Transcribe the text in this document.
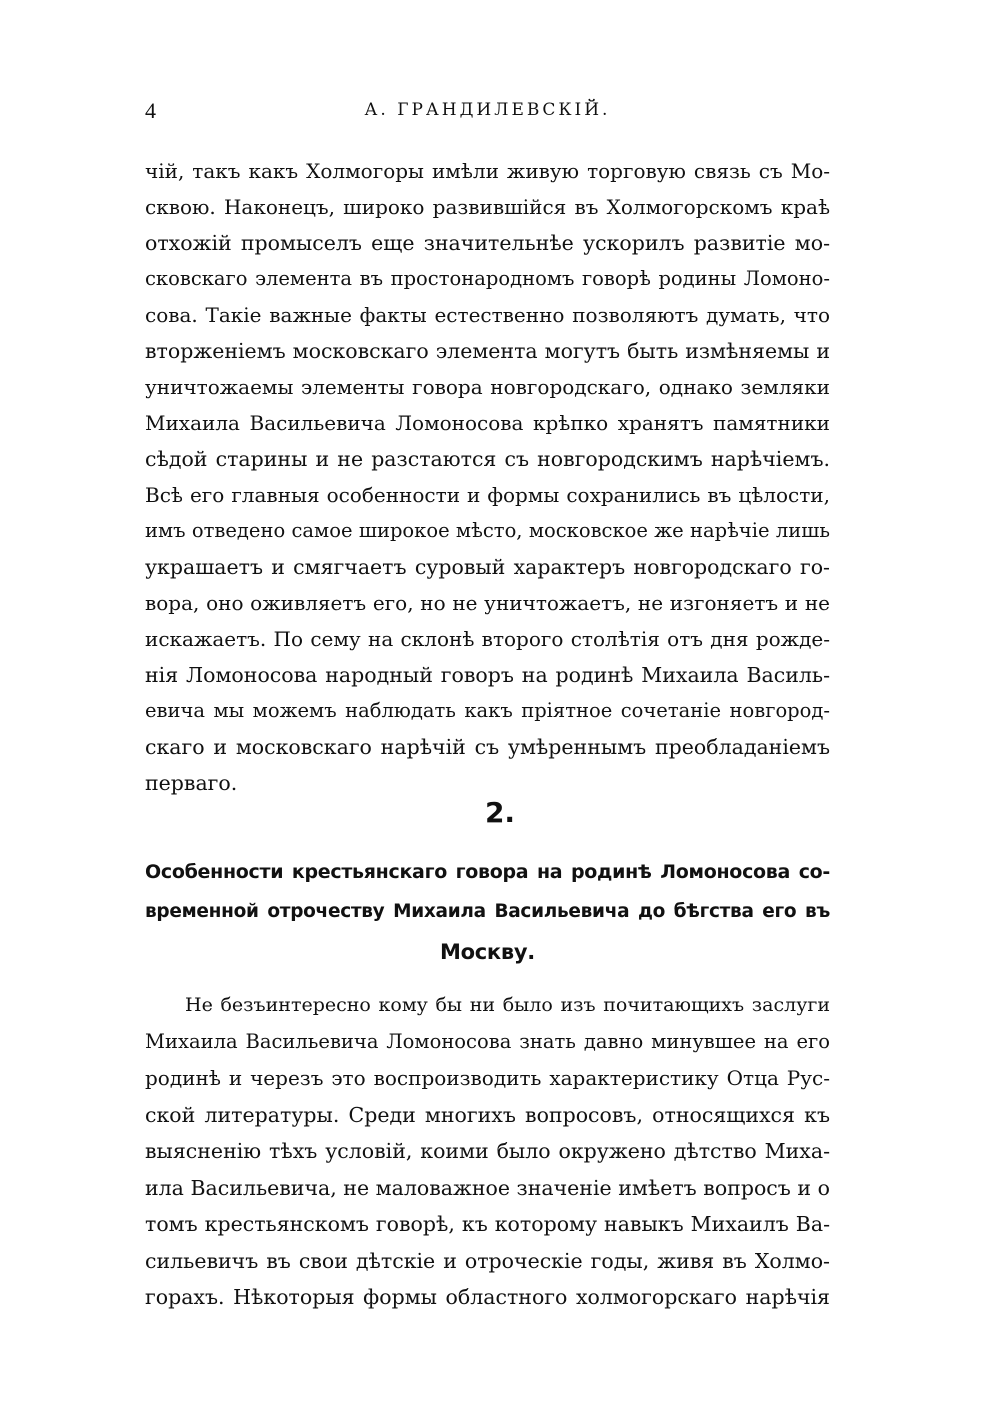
4	А. ГРАНДИЛЕВСКІЙ.
чій, такъ какъ Холмогоры имѣли живую торговую связь съ Мо-
сквою. Наконецъ, широко развившійся въ Холмогорскомъ краѣ
отхожій промыселъ еще значительнѣе ускорилъ развитіе мо-
сковскаго элемента въ простонародномъ говорѣ родины Ломоно-
сова. Такіе важные факты естественно позволяютъ думать, что
вторженіемъ московскаго элемента могутъ быть измѣняемы и
уничтожаемы элементы говора новгородскаго, однако земляки
Михаила Васильевича Ломоносова крѣпко хранятъ памятники
сѣдой старины и не разстаются съ новгородскимъ нарѣчіемъ.
Всѣ его главныя особенности и формы сохранились въ цѣлости,
имъ отведено самое широкое мѣсто, московское же нарѣчіе лишь
украшаетъ и смягчаетъ суровый характеръ новгородскаго го-
вора, оно оживляетъ его, но не уничтожаетъ, не изгоняетъ и не
искажаетъ. По сему на склонѣ второго столѣтія отъ дня рожде-
нія Ломоносова народный говоръ на родинѣ Михаила Василь-
евича мы можемъ наблюдать какъ пріятное сочетаніе новгород-
скаго и московскаго нарѣчій съ умѣреннымъ преобладаніемъ
перваго.
2.
Особенности крестьянскаго говора на родинѣ Ломоносова со-
временной отрочеству Михаила Васильевича до бѣгства его въ
Москву.
Не безъинтересно кому бы ни было изъ почитающихъ заслуги
Михаила Васильевича Ломоносова знать давно минувшее на его
родинѣ и черезъ это воспроизводить характеристику Отца Рус-
ской литературы. Среди многихъ вопросовъ, относящихся къ
выясненію тѣхъ условій, коими было окружено дѣтство Миха-
ила Васильевича, не маловажное значеніе имѣетъ вопросъ и о
томъ крестьянскомъ говорѣ, къ которому навыкъ Михаилъ Ва-
сильевичъ въ свои дѣтскіе и отроческіе годы, живя въ Холмо-
горахъ. Нѣкоторыя формы областного холмогорскаго нарѣчія
